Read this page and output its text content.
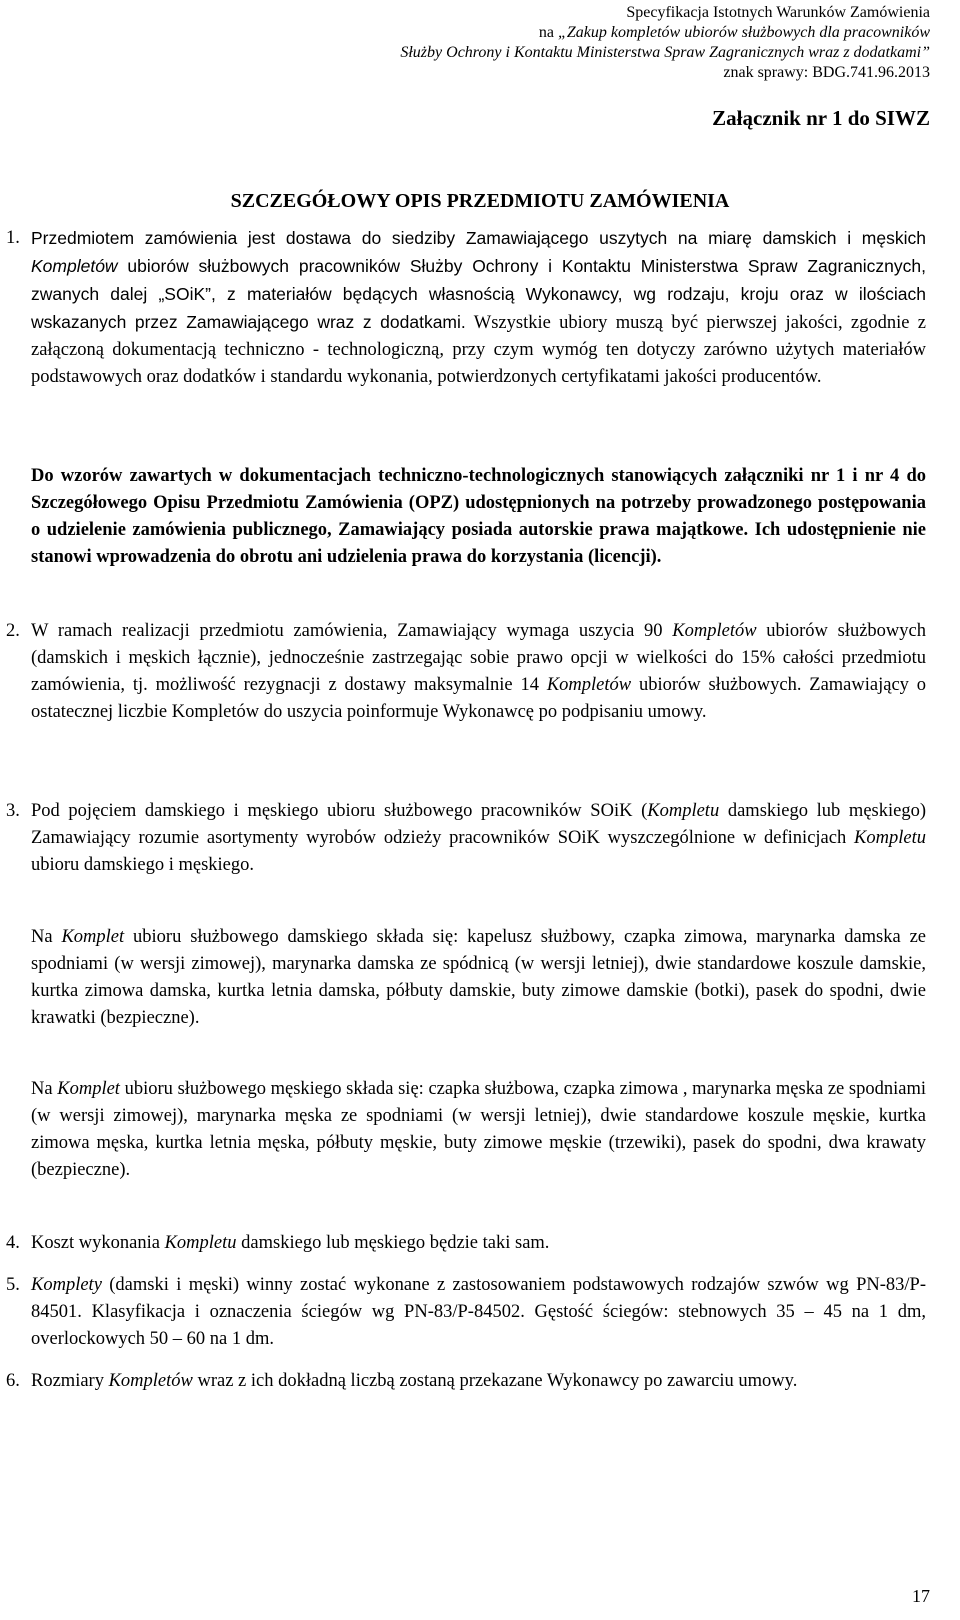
Specyfikacja Istotnych Warunków Zamówienia
na „Zakup kompletów ubiorów służbowych dla pracowników
Służby Ochrony i Kontaktu Ministerstwa Spraw Zagranicznych wraz z dodatkami”
znak sprawy: BDG.741.96.2013
Załącznik nr 1 do SIWZ
SZCZEGÓŁOWY OPIS PRZEDMIOTU ZAMÓWIENIA
1. Przedmiotem zamówienia jest dostawa do siedziby Zamawiającego uszytych na miarę damskich i męskich Kompletów ubiorów służbowych pracowników Służby Ochrony i Kontaktu Ministerstwa Spraw Zagranicznych, zwanych dalej „SOiK”, z materiałów będących własnością Wykonawcy, wg rodzaju, kroju oraz w ilościach wskazanych przez Zamawiającego wraz z dodatkami. Wszystkie ubiory muszą być pierwszej jakości, zgodnie z załączoną dokumentacją techniczno - technologiczną, przy czym wymóg ten dotyczy zarówno użytych materiałów podstawowych oraz dodatków i standardu wykonania, potwierdzonych certyfikatami jakości producentów.

Do wzorów zawartych w dokumentacjach techniczno-technologicznych stanowiących załączniki nr 1 i nr 4 do Szczegółowego Opisu Przedmiotu Zamówienia (OPZ) udostępnionych na potrzeby prowadzonego postępowania o udzielenie zamówienia publicznego, Zamawiający posiada autorskie prawa majątkowe. Ich udostępnienie nie stanowi wprowadzenia do obrotu ani udzielenia prawa do korzystania (licencji).

2. W ramach realizacji przedmiotu zamówienia, Zamawiający wymaga uszycia 90 Kompletów ubiorów służbowych (damskich i męskich łącznie), jednocześnie zastrzegając sobie prawo opcji w wielkości do 15% całości przedmiotu zamówienia, tj. możliwość rezygnacji z dostawy maksymalnie 14 Kompletów ubiorów służbowych. Zamawiający o ostatecznej liczbie Kompletów do uszycia poinformuje Wykonawcę po podpisaniu umowy.

3. Pod pojęciem damskiego i męskiego ubioru służbowego pracowników SOiK (Kompletu damskiego lub męskiego) Zamawiający rozumie asortymenty wyrobów odzieży pracowników SOiK wyszczególnione w definicjach Kompletu ubioru damskiego i męskiego.

Na Komplet ubioru służbowego damskiego składa się: kapelusz służbowy, czapka zimowa, marynarka damska ze spodniami (w wersji zimowej), marynarka damska ze spódnicą (w wersji letniej), dwie standardowe koszule damskie, kurtka zimowa damska, kurtka letnia damska, półbuty damskie, buty zimowe damskie (botki), pasek do spodni, dwie krawatki (bezpieczne).

Na Komplet ubioru służbowego męskiego składa się: czapka służbowa, czapka zimowa , marynarka męska ze spodniami (w wersji zimowej), marynarka męska ze spodniami (w wersji letniej), dwie standardowe koszule męskie, kurtka zimowa męska, kurtka letnia męska, półbuty męskie, buty zimowe męskie (trzewiki), pasek do spodni, dwa krawaty (bezpieczne).

4. Koszt wykonania Kompletu damskiego lub męskiego będzie taki sam.

5. Komplety (damski i męski) winny zostać wykonane z zastosowaniem podstawowych rodzajów szwów wg PN-83/P-84501. Klasyfikacja i oznaczenia ściegów wg PN-83/P-84502. Gęstość ściegów: stebnowych 35 – 45 na 1 dm, overlockowych 50 – 60 na 1 dm.

6. Rozmiary Kompletów wraz z ich dokładną liczbą zostaną przekazane Wykonawcy po zawarciu umowy.

17
